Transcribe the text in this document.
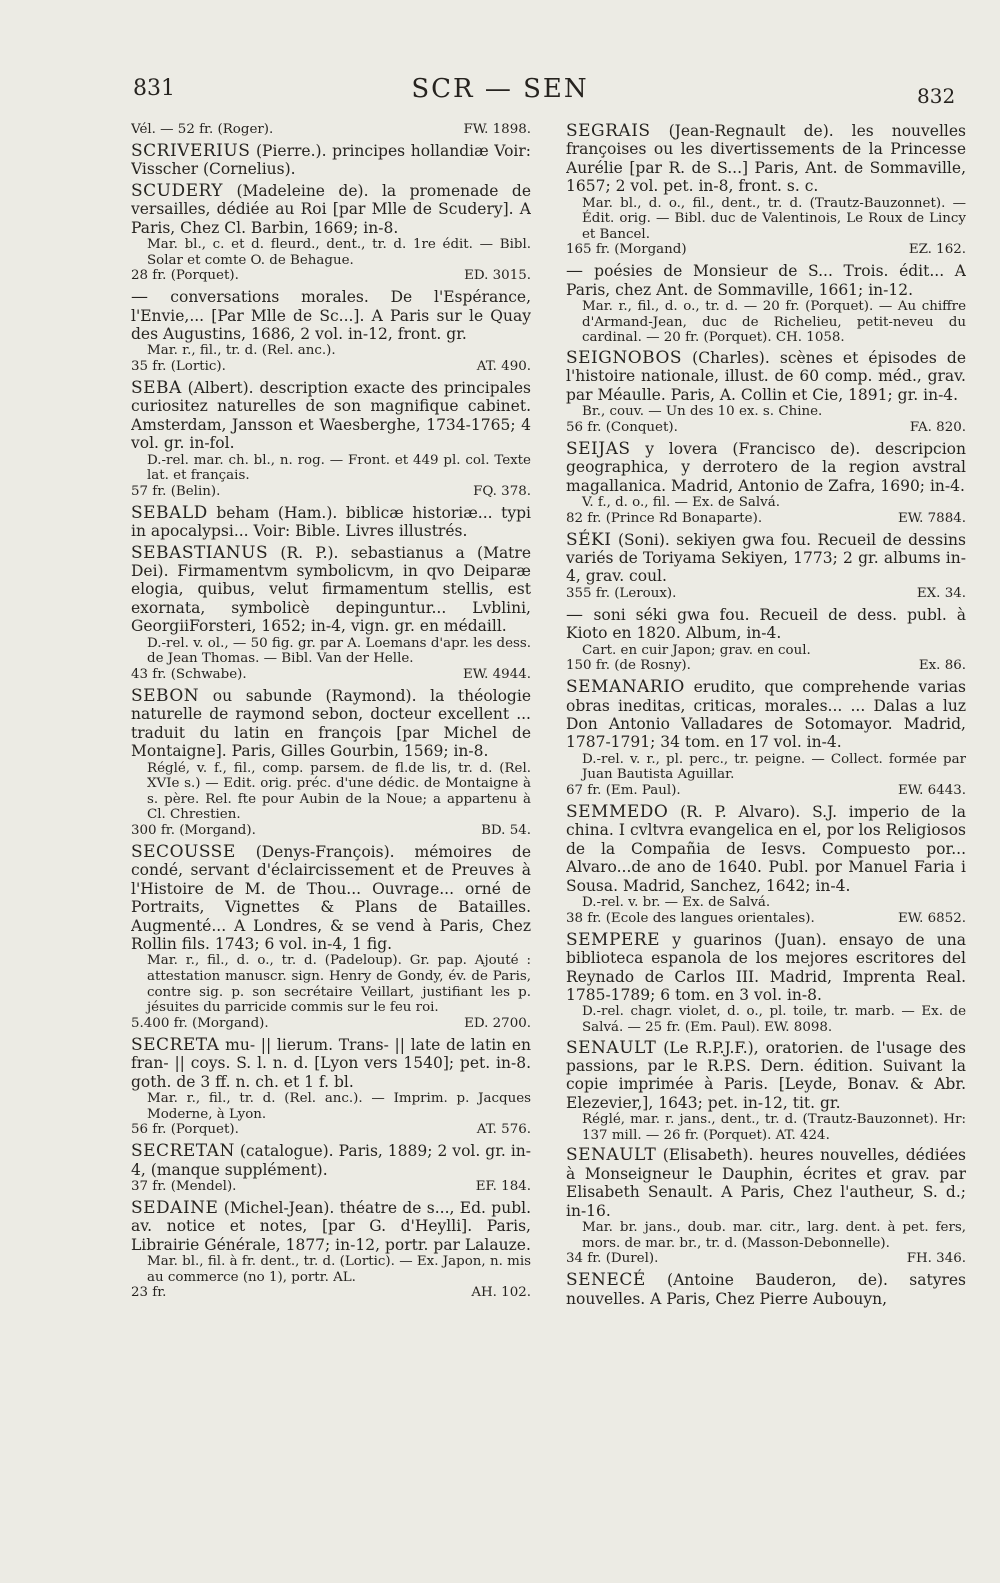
831	SCR — SEN	832
Vél. — 52 fr. (Roger).	FW. 1898.

SCRIVERIUS (Pierre.). principes hollandiæ Voir: Visscher (Cornelius).

SCUDERY (Madeleine de). la promenade de versailles, dédiée au Roi [par Mlle de Scudery]. A Paris, Chez Cl. Barbin, 1669; in-8.

Mar. bl., c. et d. fleurd., dent., tr. d. 1re édit. — Bibl. Solar et comte O. de Behague.

28 fr. (Porquet).	ED. 3015.

— conversations morales. De l'Espérance, l'Envie,... [Par Mlle de Sc...]. A Paris sur le Quay des Augustins, 1686, 2 vol. in-12, front. gr.

Mar. r., fil., tr. d. (Rel. anc.).

35 fr. (Lortic).	AT. 490.

SEBA (Albert). description exacte des principales curiositez naturelles de son magnifique cabinet. Amsterdam, Jansson et Waesberghe, 1734-1765; 4 vol. gr. in-fol.

D.-rel. mar. ch. bl., n. rog. — Front. et 449 pl. col. Texte lat. et français.

57 fr. (Belin).	FQ. 378.

SEBALD beham (Ham.). biblicæ historiæ... typi in apocalypsi... Voir: Bible. Livres illustrés.

SEBASTIANUS (R. P.). sebastianus a (Matre Dei). Firmamentvm symbolicvm, in qvo Deiparæ elogia, quibus, velut firmamentum stellis, est exornata, symbolicè depinguntur... Lvblini, GeorgiiForsteri, 1652; in-4, vign. gr. en médaill.

D.-rel. v. ol., — 50 fig. gr. par A. Loemans d'apr. les dess. de Jean Thomas. — Bibl. Van der Helle.

43 fr. (Schwabe).	EW. 4944.

SEBON ou sabunde (Raymond). la théologie naturelle de raymond sebon, docteur excellent ... traduit du latin en françois [par Michel de Montaigne]. Paris, Gilles Gourbin, 1569; in-8.

Réglé, v. f., fil., comp. parsem. de fl.de lis, tr. d. (Rel. XVIe s.) — Edit. orig. préc. d'une dédic. de Montaigne à s. père. Rel. fte pour Aubin de la Noue; a appartenu à Cl. Chrestien.

300 fr. (Morgand).	BD. 54.

SECOUSSE (Denys-François). mémoires de condé, servant d'éclaircissement et de Preuves à l'Histoire de M. de Thou... Ouvrage... orné de Portraits, Vignettes & Plans de Batailles. Augmenté... A Londres, & se vend à Paris, Chez Rollin fils. 1743; 6 vol. in-4, 1 fig.

Mar. r., fil., d. o., tr. d. (Padeloup). Gr. pap. Ajouté : attestation manuscr. sign. Henry de Gondy, év. de Paris, contre sig. p. son secrétaire Veillart, justifiant les p. jésuites du parricide commis sur le feu roi.

5.400 fr. (Morgand).	ED. 2700.

SECRETA mu- || lierum. Trans- || late de latin en fran- || coys. S. l. n. d. [Lyon vers 1540]; pet. in-8. goth. de 3 ff. n. ch. et 1 f. bl.

Mar. r., fil., tr. d. (Rel. anc.). — Imprim. p. Jacques Moderne, à Lyon.

56 fr. (Porquet).	AT. 576.

SECRETAN (catalogue). Paris, 1889; 2 vol. gr. in-4, (manque supplément).

37 fr. (Mendel).	EF. 184.

SEDAINE (Michel-Jean). théatre de s..., Ed. publ. av. notice et notes, [par G. d'Heylli]. Paris, Librairie Générale, 1877; in-12, portr. par Lalauze.

Mar. bl., fil. à fr. dent., tr. d. (Lortic). — Ex. Japon, n. mis au commerce (no 1), portr. AL.

23 fr.	AH. 102.

SEGRAIS (Jean-Regnault de). les nouvelles françoises ou les divertissements de la Princesse Aurélie [par R. de S...] Paris, Ant. de Sommaville, 1657; 2 vol. pet. in-8, front. s. c.

Mar. bl., d. o., fil., dent., tr. d. (Trautz-Bauzonnet). — Édit. orig. — Bibl. duc de Valentinois, Le Roux de Lincy et Bancel.

165 fr. (Morgand)	EZ. 162.

— poésies de Monsieur de S... Trois. édit... A Paris, chez Ant. de Sommaville, 1661; in-12.

Mar. r., fil., d. o., tr. d. — 20 fr. (Porquet). — Au chiffre d'Armand-Jean, duc de Richelieu, petit-neveu du cardinal. — 20 fr. (Porquet). CH. 1058.

SEIGNOBOS (Charles). scènes et épisodes de l'histoire nationale, illust. de 60 comp. méd., grav. par Méaulle. Paris, A. Collin et Cie, 1891; gr. in-4.

Br., couv. — Un des 10 ex. s. Chine.

56 fr. (Conquet).	FA. 820.

SEIJAS y lovera (Francisco de). descripcion geographica, y derrotero de la region avstral magallanica. Madrid, Antonio de Zafra, 1690; in-4.

V. f., d. o., fil. — Ex. de Salvá.

82 fr. (Prince Rd Bonaparte).	EW. 7884.

SÉKI (Soni). sekiyen gwa fou. Recueil de dessins variés de Toriyama Sekiyen, 1773; 2 gr. albums in-4, grav. coul.

355 fr. (Leroux).	EX. 34.

— soni séki gwa fou. Recueil de dess. publ. à Kioto en 1820. Album, in-4.

Cart. en cuir Japon; grav. en coul.

150 fr. (de Rosny).	Ex. 86.

SEMANARIO erudito, que comprehende varias obras ineditas, criticas, morales... ... Dalas a luz Don Antonio Valladares de Sotomayor. Madrid, 1787-1791; 34 tom. en 17 vol. in-4.

D.-rel. v. r., pl. perc., tr. peigne. — Collect. formée par Juan Bautista Aguillar.

67 fr. (Em. Paul).	EW. 6443.

SEMMEDO (R. P. Alvaro). S.J. imperio de la china. I cvltvra evangelica en el, por los Religiosos de la Compañia de Iesvs. Compuesto por... Alvaro...de ano de 1640. Publ. por Manuel Faria i Sousa. Madrid, Sanchez, 1642; in-4.

D.-rel. v. br. — Ex. de Salvá.

38 fr. (Ecole des langues orientales).	EW. 6852.

SEMPERE y guarinos (Juan). ensayo de una biblioteca espanola de los mejores escritores del Reynado de Carlos III. Madrid, Imprenta Real. 1785-1789; 6 tom. en 3 vol. in-8.

D.-rel. chagr. violet, d. o., pl. toile, tr. marb. — Ex. de Salvá. — 25 fr. (Em. Paul). EW. 8098.

SENAULT (Le R.P.J.F.), oratorien. de l'usage des passions, par le R.P.S. Dern. édition. Suivant la copie imprimée à Paris. [Leyde, Bonav. & Abr. Elezevier,], 1643; pet. in-12, tit. gr.

Réglé, mar. r. jans., dent., tr. d. (Trautz-Bauzonnet). Hr: 137 mill. — 26 fr. (Porquet). AT. 424.

SENAULT (Elisabeth). heures nouvelles, dédiées à Monseigneur le Dauphin, écrites et grav. par Elisabeth Senault. A Paris, Chez l'autheur, S. d.; in-16.

Mar. br. jans., doub. mar. citr., larg. dent. à pet. fers, mors. de mar. br., tr. d. (Masson-Debonnelle).

34 fr. (Durel).	FH. 346.

SENECÉ (Antoine Bauderon, de). satyres nouvelles. A Paris, Chez Pierre Aubouyn,
